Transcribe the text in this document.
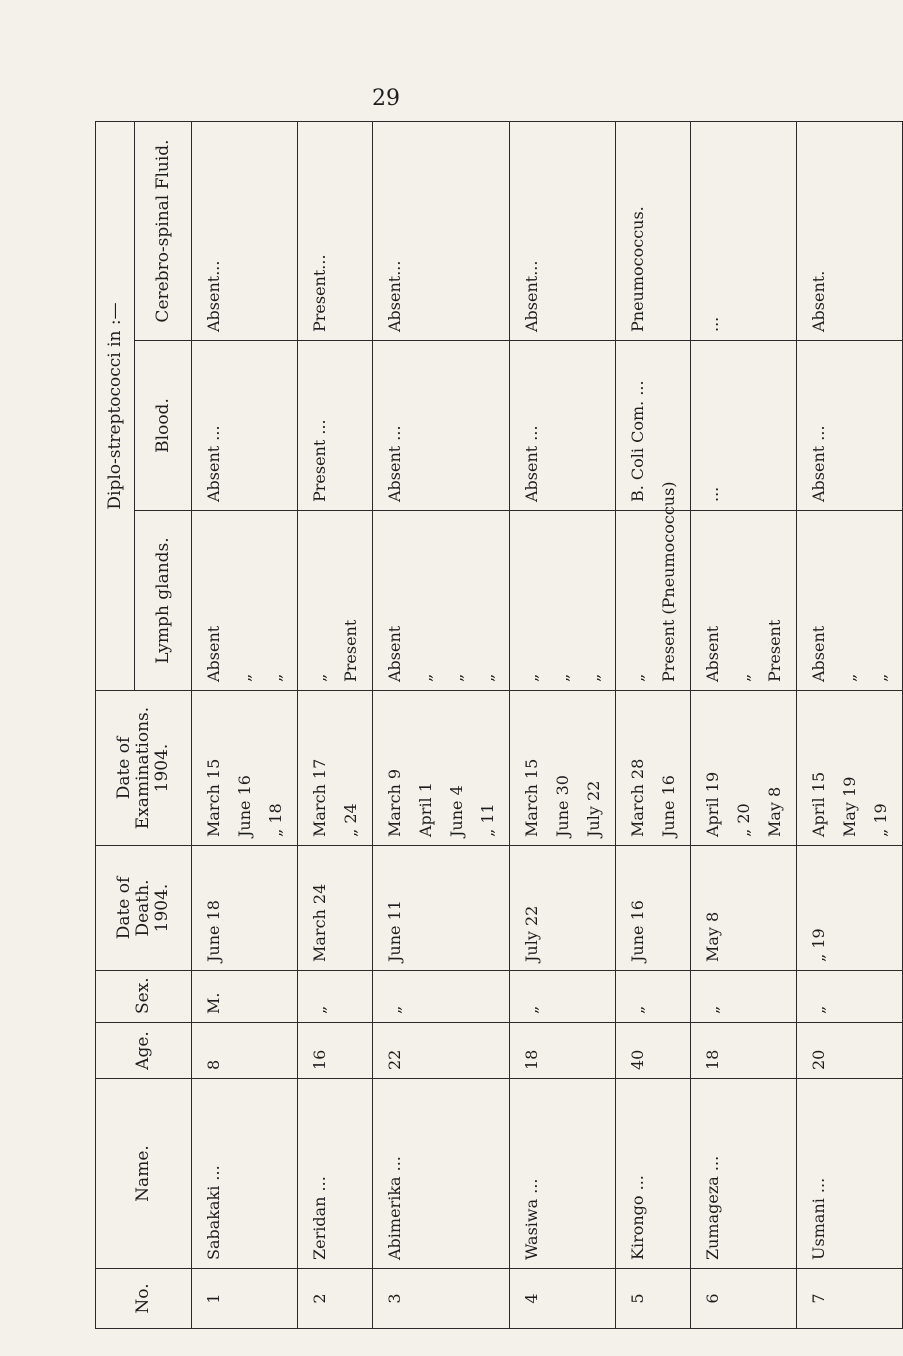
29
No.	Name.	Age.	Sex.	Date of Death. 1904.	Date of Examinations. 1904.	Diplo-streptococci in :—		
						Lymph glands.	Blood.	Cerebro-spinal Fluid.

1	Sabakaki ...	8	M.	June 18	March 15 June 16 „ 18	Absent „ „	Absent ...	Absent...

2	Zeridan ...	16	„	March 24	March 17 „ 24	„ Present	Present ...	Present...

3	Abimerika ...	22	„	June 11	March 9 April 1 June 4 „ 11	Absent „ „ „	Absent ...	Absent...

4	Wasiwa ...	18	„	July 22	March 15 June 30 July 22	„ „ „	Absent ...	Absent...

5	Kirongo ...	40	„	June 16	March 28 June 16	„ Present (Pneumococcus)	B. Coli Com. ...	Pneumococcus.

6	Zumageza ...	18	„	May 8	April 19 „ 20 May 8	Absent „ Present	...	...

7	Usmani ...	20	„	„ 19	April 15 May 19 „ 19	Absent „ „	Absent ...	Absent.
